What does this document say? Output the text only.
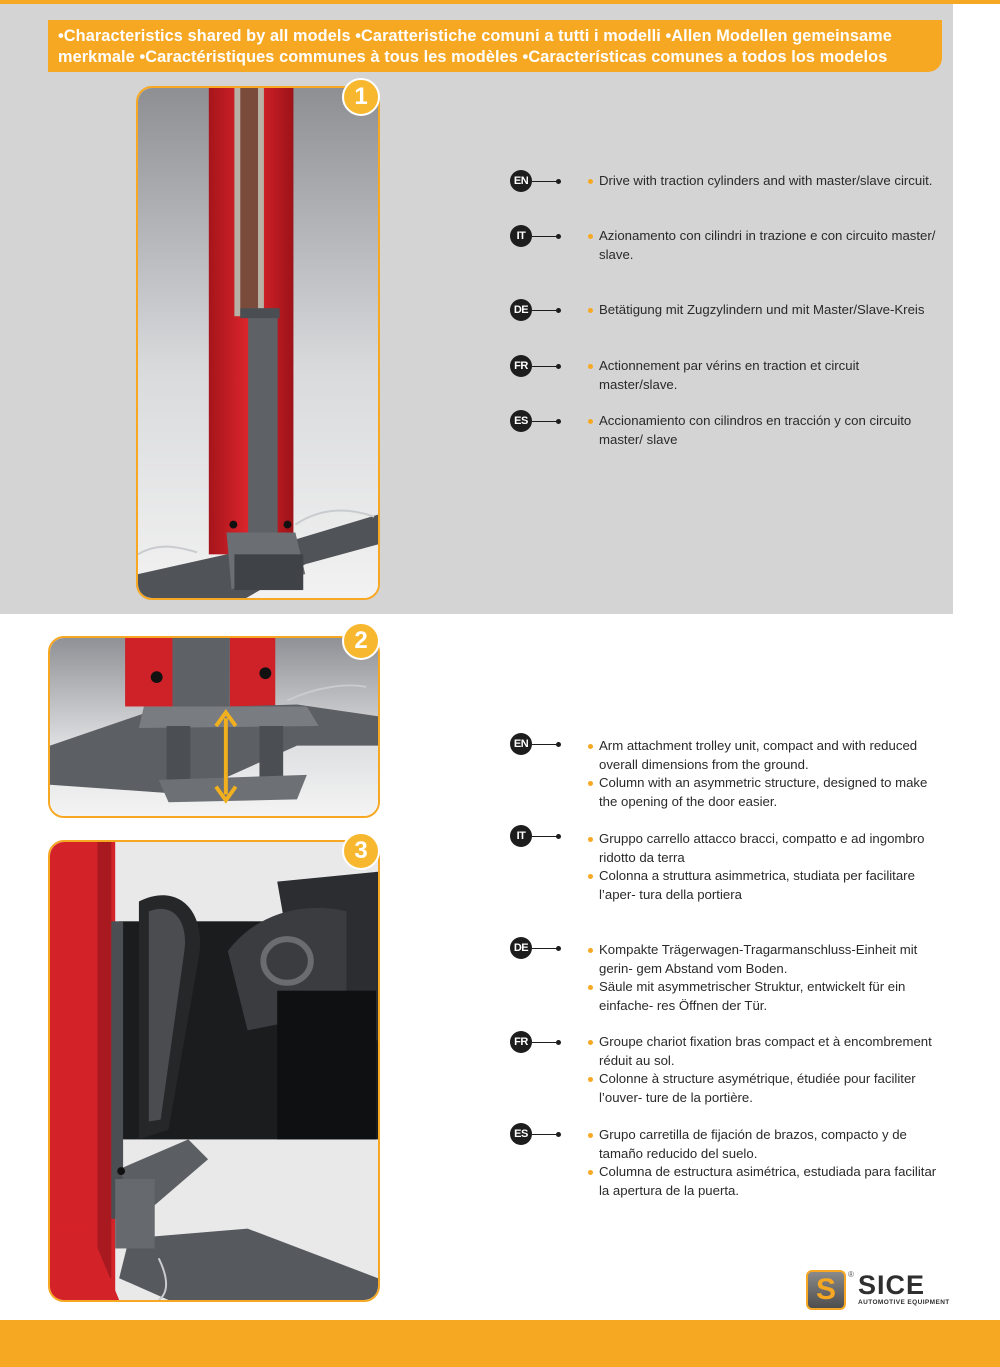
•Characteristics shared by all models •Caratteristiche comuni a tutti i modelli •Allen Modellen gemeinsame

merkmale •Caractéristiques communes à tous les modèles •Características comunes a todos los modelos

1
2
3
EN
IT
DE
FR
ES
Drive with traction cylinders and with master/slave circuit.
Azionamento con cilindri in trazione e con circuito master/ slave.
Betätigung mit Zugzylindern und mit Master/Slave-Kreis
Actionnement par vérins en traction et circuit master/slave.
Accionamiento con cilindros en tracción y con circuito master/ slave
EN
IT
DE
FR
ES
Arm attachment trolley unit, compact and with reduced overall dimensions from the ground.
Column with an asymmetric structure, designed to make the opening of the door easier.
Gruppo carrello attacco bracci, compatto e ad ingombro ridotto da terra
Colonna a struttura asimmetrica, studiata per facilitare l’aper- tura della portiera
Kompakte Trägerwagen-Tragarmanschluss-Einheit mit gerin- gem Abstand vom Boden.
Säule mit asymmetrischer Struktur, entwickelt für ein einfache- res Öffnen der Tür.
Groupe chariot fixation bras compact et à encombrement réduit au sol.
Colonne à structure asymétrique, étudiée pour faciliter l’ouver- ture de la portière.
Grupo carretilla de fijación de brazos, compacto y de tamaño reducido del suelo.
Columna de estructura asimétrica, estudiada para facilitar la apertura de la puerta.
S	® SICE
AUTOMOTIVE EQUIPMENT
